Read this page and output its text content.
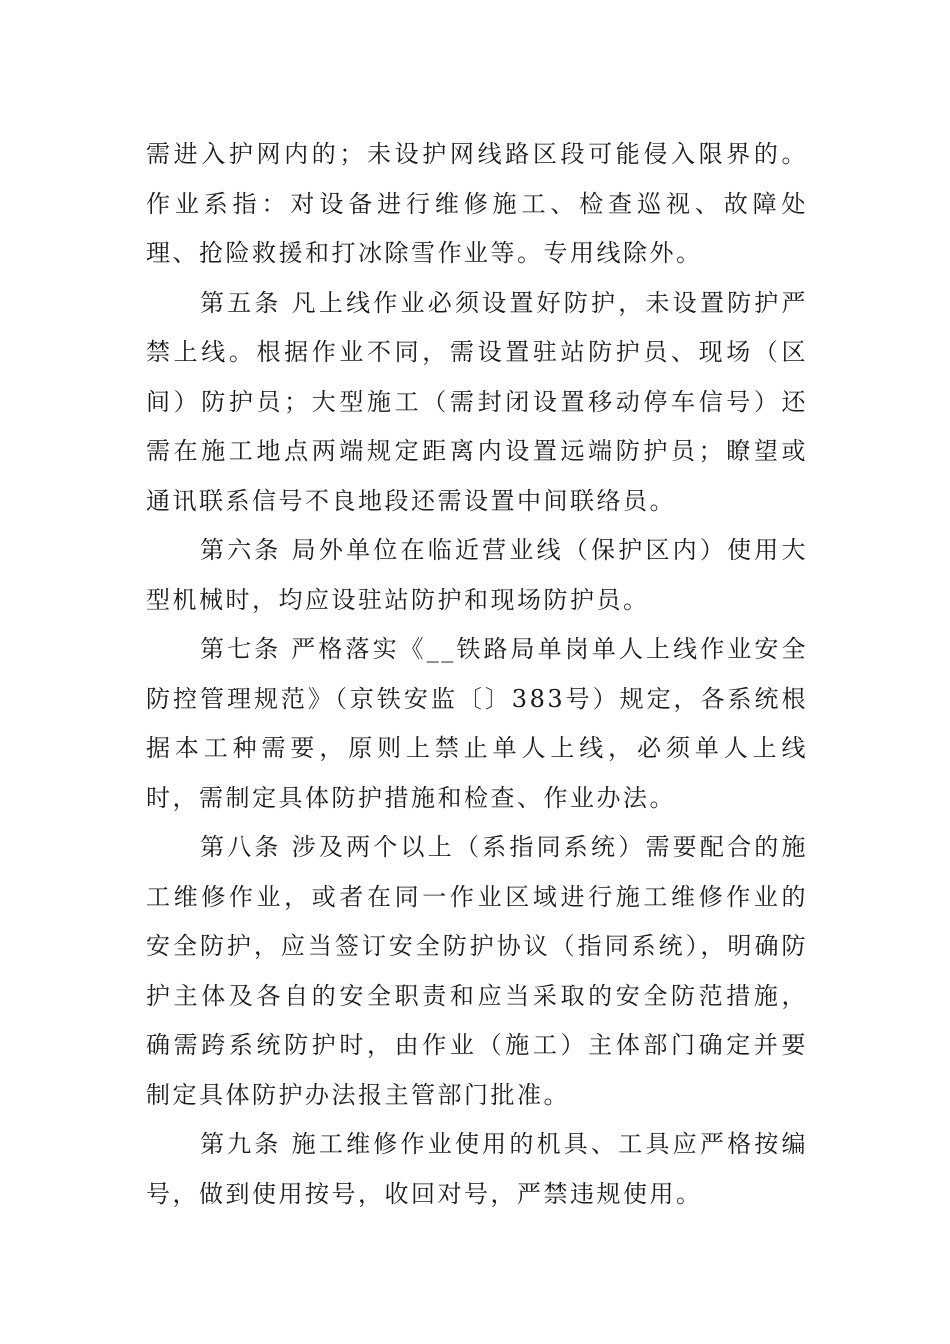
需进入护网内的；未设护网线路区段可能侵入限界的。作业系指：对设备进行维修施工、检查巡视、故障处理、抢险救援和打冰除雪作业等。专用线除外。

第五条 凡上线作业必须设置好防护，未设置防护严禁上线。根据作业不同，需设置驻站防护员、现场（区间）防护员；大型施工（需封闭设置移动停车信号）还需在施工地点两端规定距离内设置远端防护员；瞭望或通讯联系信号不良地段还需设置中间联络员。

第六条 局外单位在临近营业线（保护区内）使用大型机械时，均应设驻站防护和现场防护员。

第七条 严格落实《__铁路局单岗单人上线作业安全防控管理规范》（京铁安监〔〕383号）规定，各系统根据本工种需要，原则上禁止单人上线，必须单人上线时，需制定具体防护措施和检查、作业办法。

第八条 涉及两个以上（系指同系统）需要配合的施工维修作业，或者在同一作业区域进行施工维修作业的安全防护，应当签订安全防护协议（指同系统），明确防护主体及各自的安全职责和应当采取的安全防范措施，确需跨系统防护时，由作业（施工）主体部门确定并要制定具体防护办法报主管部门批准。

第九条 施工维修作业使用的机具、工具应严格按编号，做到使用按号，收回对号，严禁违规使用。
